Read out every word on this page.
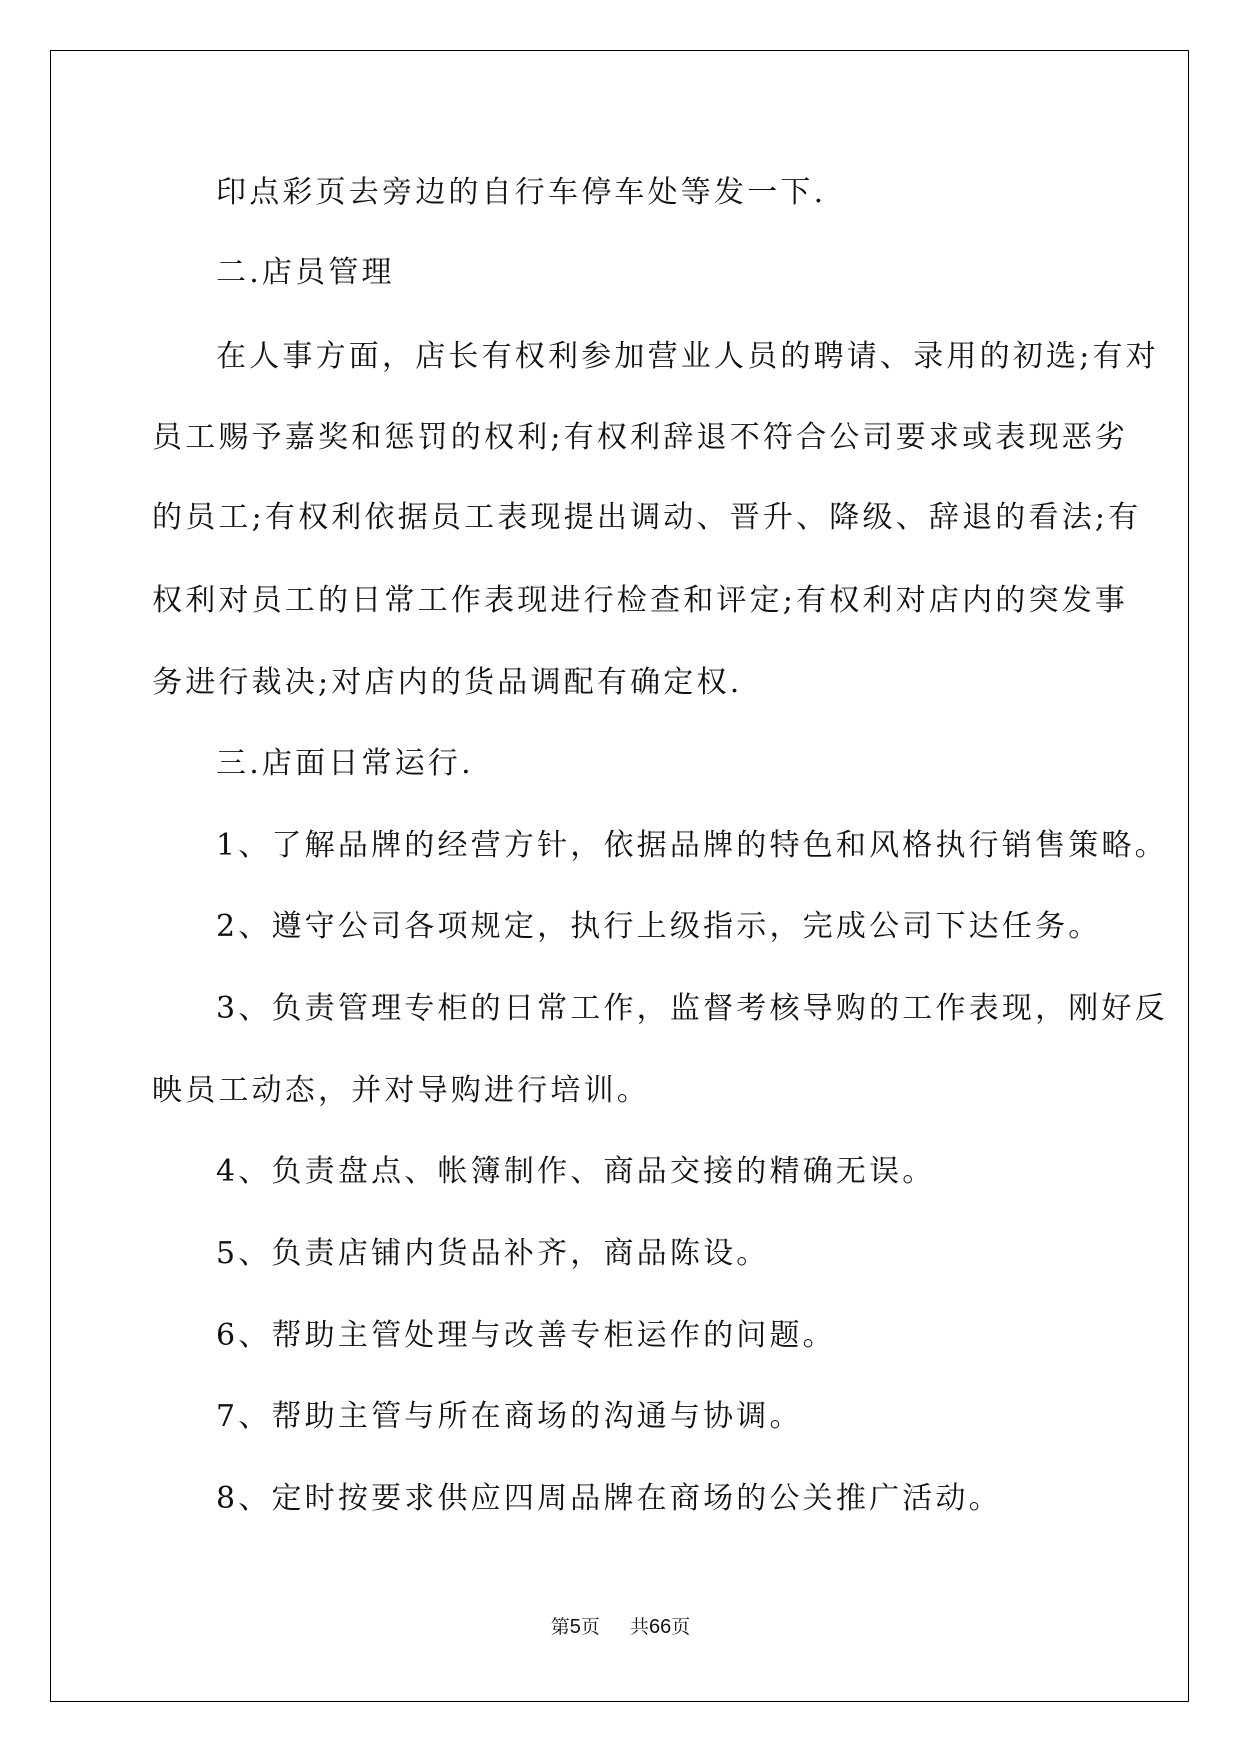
印点彩页去旁边的自行车停车处等发一下.

二.店员管理

在人事方面，店长有权利参加营业人员的聘请、录用的初选;有对

员工赐予嘉奖和惩罚的权利;有权利辞退不符合公司要求或表现恶劣

的员工;有权利依据员工表现提出调动、晋升、降级、辞退的看法;有

权利对员工的日常工作表现进行检查和评定;有权利对店内的突发事

务进行裁决;对店内的货品调配有确定权.

三.店面日常运行.

1、了解品牌的经营方针，依据品牌的特色和风格执行销售策略。

2、遵守公司各项规定，执行上级指示，完成公司下达任务。

3、负责管理专柜的日常工作，监督考核导购的工作表现，刚好反

映员工动态，并对导购进行培训。

4、负责盘点、帐簿制作、商品交接的精确无误。

5、负责店铺内货品补齐，商品陈设。

6、帮助主管处理与改善专柜运作的问题。

7、帮助主管与所在商场的沟通与协调。

8、定时按要求供应四周品牌在商场的公关推广活动。

第5页 共66页
